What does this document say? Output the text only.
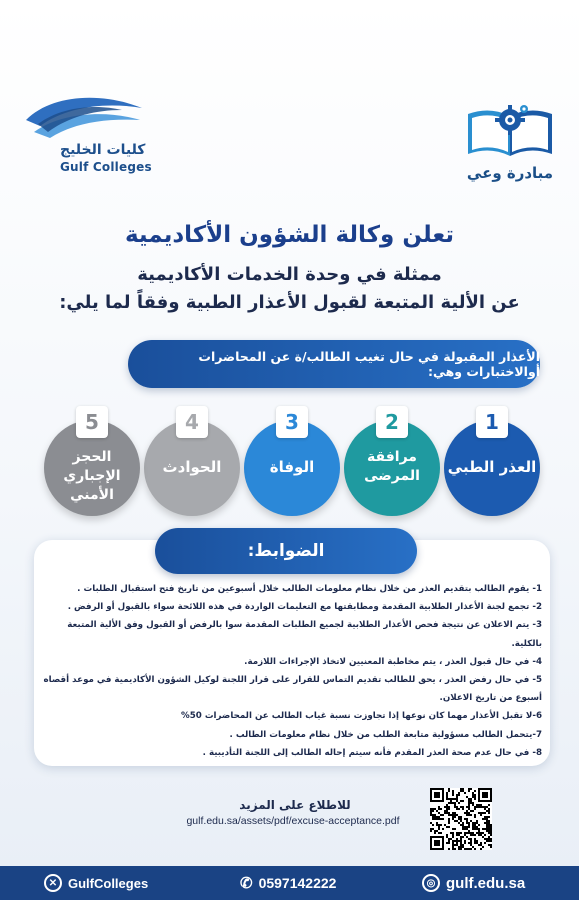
كليات الخليج
Gulf Colleges	مبادرة وعي
تعلن وكالة الشؤون الأكاديمية
ممثلة في وحدة الخدمات الأكاديمية
عن الألية المتبعة لقبول الأعذار الطبية وفقاً لما يلي:
الأعذار المقبولة في حال تغيب الطالب/ة عن المحاضرات أوالاختبارات وهي:
العذر الطبي
1
مرافقة
المرضى
2
الوفاة
3
الحوادث
4
الحجز الإجباري
الأمني
5
الضوابط:
1- يقوم الطالب بتقديم العذر من خلال نظام معلومات الطالب خلال أسبوعين من تاريخ فتح استقبال الطلبات .
2- تجمع لجنة الأعذار الطلابية المقدمة ومطابقتها مع التعليمات الواردة في هذه اللائحة سواء بالقبول أو الرفض .
3- يتم الاعلان عن نتيجة فحص الأعذار الطلابية لجميع الطلبات المقدمة سوا بالرفض أو القبول وفق الألية المتبعة
بالكلية.
4- في حال قبول العذر ، يتم مخاطبة المعنيين لاتخاذ الإجراءات اللازمة.
5- في حال رفض العذر ، يحق للطالب تقديم التماس للقرار على قرار اللجنة لوكيل الشؤون الأكاديمية في موعد أقصاه
أسبوع من تاريخ الاعلان.
6-لا تقبل الأعذار مهما كان نوعها إذا تجاوزت نسبة غياب الطالب عن المحاضرات 50%
7-يتحمل الطالب مسؤولية متابعة الطلب من خلال نظام معلومات الطالب .
8- في حال عدم صحة العذر المقدم فأنه سيتم إحاله الطالب إلى اللجنة التأديبية .
للاطلاع على المزيد
gulf.edu.sa/assets/pdf/excuse-acceptance.pdf
✕ GulfColleges	✆ 0597142222	◎ gulf.edu.sa
